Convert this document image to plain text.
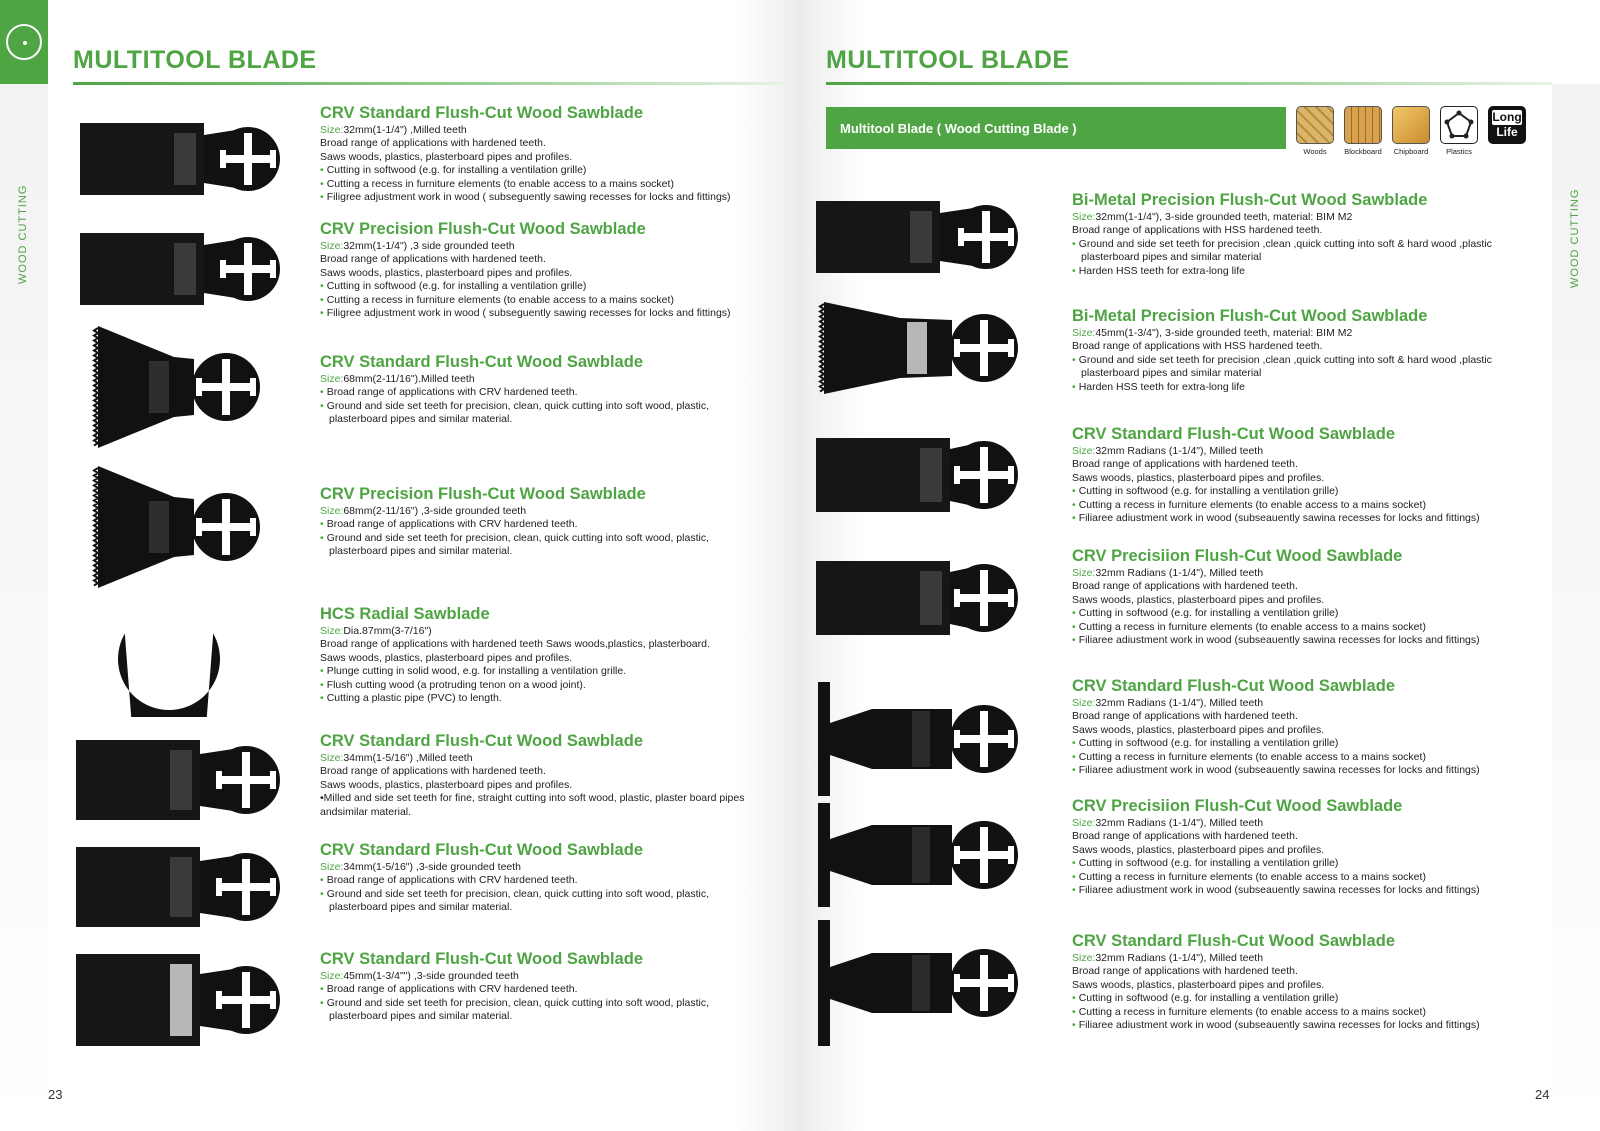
WOOD CUTTING
MULTITOOL BLADE
CRV Standard Flush-Cut Wood Sawblade
Size:32mm(1-1/4") ,Milled teeth
Broad range of applications with hardened teeth.
Saws woods, plastics, plasterboard pipes and profiles.
• Cutting in softwood (e.g. for installing a ventilation grille)
• Cutting a recess in furniture elements (to enable access to a mains socket)
• Filigree adjustment work in wood ( subseguently sawing recesses for locks and fittings)
CRV Precision Flush-Cut Wood Sawblade
Size:32mm(1-1/4") ,3 side grounded teeth
Broad range of applications with hardened teeth.
Saws woods, plastics, plasterboard pipes and profiles.
• Cutting in softwood (e.g. for installing a ventilation grille)
• Cutting a recess in furniture elements (to enable access to a mains socket)
• Filigree adjustment work in wood ( subseguently sawing recesses for locks and fittings)
CRV Standard Flush-Cut Wood Sawblade
Size:68mm(2-11/16").Milled teeth
• Broad range of applications with CRV hardened teeth.
• Ground and side set teeth for precision, clean, quick cutting into soft wood, plastic, plasterboard pipes and similar material.
CRV Precision Flush-Cut Wood Sawblade
Size:68mm(2-11/16") ,3-side grounded teeth
• Broad range of applications with CRV hardened teeth.
• Ground and side set teeth for precision, clean, quick cutting into soft wood, plastic, plasterboard pipes and similar material.
HCS Radial Sawblade
Size:Dia.87mm(3-7/16")
Broad range of applications with hardened teeth Saws woods,plastics, plasterboard.
Saws woods, plastics, plasterboard pipes and profiles.
• Plunge cutting in solid wood, e.g. for installing a ventilation grille.
• Flush cutting wood (a protruding tenon on a wood joint).
• Cutting a plastic pipe (PVC) to length.
CRV Standard Flush-Cut Wood Sawblade
Size:34mm(1-5/16") ,Milled teeth
Broad range of applications with hardened teeth.
Saws woods, plastics, plasterboard pipes and profiles.
•Milled and side set teeth for fine, straight cutting into soft wood, plastic, plaster board pipes andsimilar material.
CRV Standard Flush-Cut Wood Sawblade
Size:34mm(1-5/16") ,3-side grounded teeth
• Broad range of applications with CRV hardened teeth.
• Ground and side set teeth for precision, clean, quick cutting into soft wood, plastic, plasterboard pipes and similar material.
CRV Standard Flush-Cut Wood Sawblade
Size:45mm(1-3/4"") ,3-side grounded teeth
• Broad range of applications with CRV hardened teeth.
• Ground and side set teeth for precision, clean, quick cutting into soft wood, plastic, plasterboard pipes and similar material.
23
WOOD CUTTING
MULTITOOL BLADE
Multitool Blade ( Wood Cutting Blade )
Woods	Blockboard	Chipboard	Plastics
Long
Life
Bi-Metal Precision Flush-Cut Wood Sawblade
Size:32mm(1-1/4"), 3-side grounded teeth, material: BIM M2
Broad range of applications with HSS hardened teeth.
• Ground and side set teeth for precision ,clean ,quick cutting into soft & hard wood ,plastic plasterboard pipes and similar material
• Harden HSS teeth for extra-long life
Bi-Metal Precision Flush-Cut Wood Sawblade
Size:45mm(1-3/4"), 3-side grounded teeth, material: BIM M2
Broad range of applications with HSS hardened teeth.
• Ground and side set teeth for precision ,clean ,quick cutting into soft & hard wood ,plastic plasterboard pipes and similar material
• Harden HSS teeth for extra-long life
CRV Standard Flush-Cut Wood Sawblade
Size:32mm Radians (1-1/4"), Milled teeth
Broad range of applications with hardened teeth.
Saws woods, plastics, plasterboard pipes and profiles.
• Cutting in softwood (e.g. for installing a ventilation grille)
• Cutting a recess in furniture elements (to enable access to a mains socket)
• Filiaree adiustment work in wood (subseauently sawina recesses for locks and fittings)
CRV Precisiion Flush-Cut Wood Sawblade
Size:32mm Radians (1-1/4"), Milled teeth
Broad range of applications with hardened teeth.
Saws woods, plastics, plasterboard pipes and profiles.
• Cutting in softwood (e.g. for installing a ventilation grille)
• Cutting a recess in furniture elements (to enable access to a mains socket)
• Filiaree adiustment work in wood (subseauently sawina recesses for locks and fittings)
CRV Standard Flush-Cut Wood Sawblade
Size:32mm Radians (1-1/4"), Milled teeth
Broad range of applications with hardened teeth.
Saws woods, plastics, plasterboard pipes and profiles.
• Cutting in softwood (e.g. for installing a ventilation grille)
• Cutting a recess in furniture elements (to enable access to a mains socket)
• Filiaree adiustment work in wood (subseauently sawina recesses for locks and fittings)
CRV Precisiion Flush-Cut Wood Sawblade
Size:32mm Radians (1-1/4"), Milled teeth
Broad range of applications with hardened teeth.
Saws woods, plastics, plasterboard pipes and profiles.
• Cutting in softwood (e.g. for installing a ventilation grille)
• Cutting a recess in furniture elements (to enable access to a mains socket)
• Filiaree adiustment work in wood (subseauently sawina recesses for locks and fittings)
CRV Standard Flush-Cut Wood Sawblade
Size:32mm Radians (1-1/4"), Milled teeth
Broad range of applications with hardened teeth.
Saws woods, plastics, plasterboard pipes and profiles.
• Cutting in softwood (e.g. for installing a ventilation grille)
• Cutting a recess in furniture elements (to enable access to a mains socket)
• Filiaree adiustment work in wood (subseauently sawina recesses for locks and fittings)
24
